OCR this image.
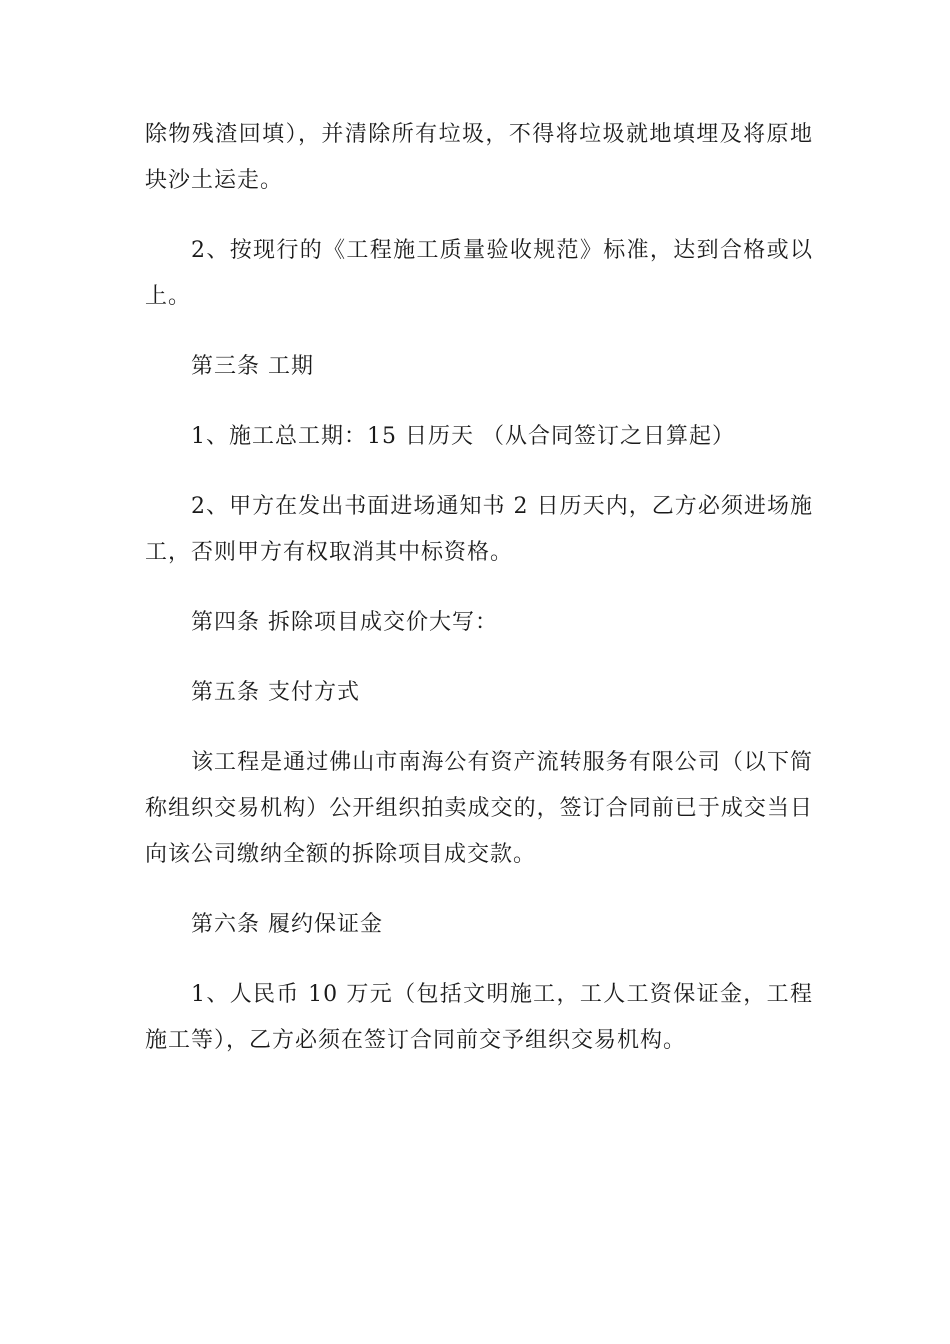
除物残渣回填），并清除所有垃圾，不得将垃圾就地填埋及将原地块沙土运走。

2、按现行的《工程施工质量验收规范》标准，达到合格或以上。

第三条 工期

1、施工总工期：15 日历天 （从合同签订之日算起）

2、甲方在发出书面进场通知书 2 日历天内，乙方必须进场施工，否则甲方有权取消其中标资格。

第四条 拆除项目成交价大写：

第五条 支付方式

该工程是通过佛山市南海公有资产流转服务有限公司（以下简称组织交易机构）公开组织拍卖成交的，签订合同前已于成交当日向该公司缴纳全额的拆除项目成交款。

第六条 履约保证金

1、人民币 10 万元（包括文明施工，工人工资保证金，工程施工等），乙方必须在签订合同前交予组织交易机构。
